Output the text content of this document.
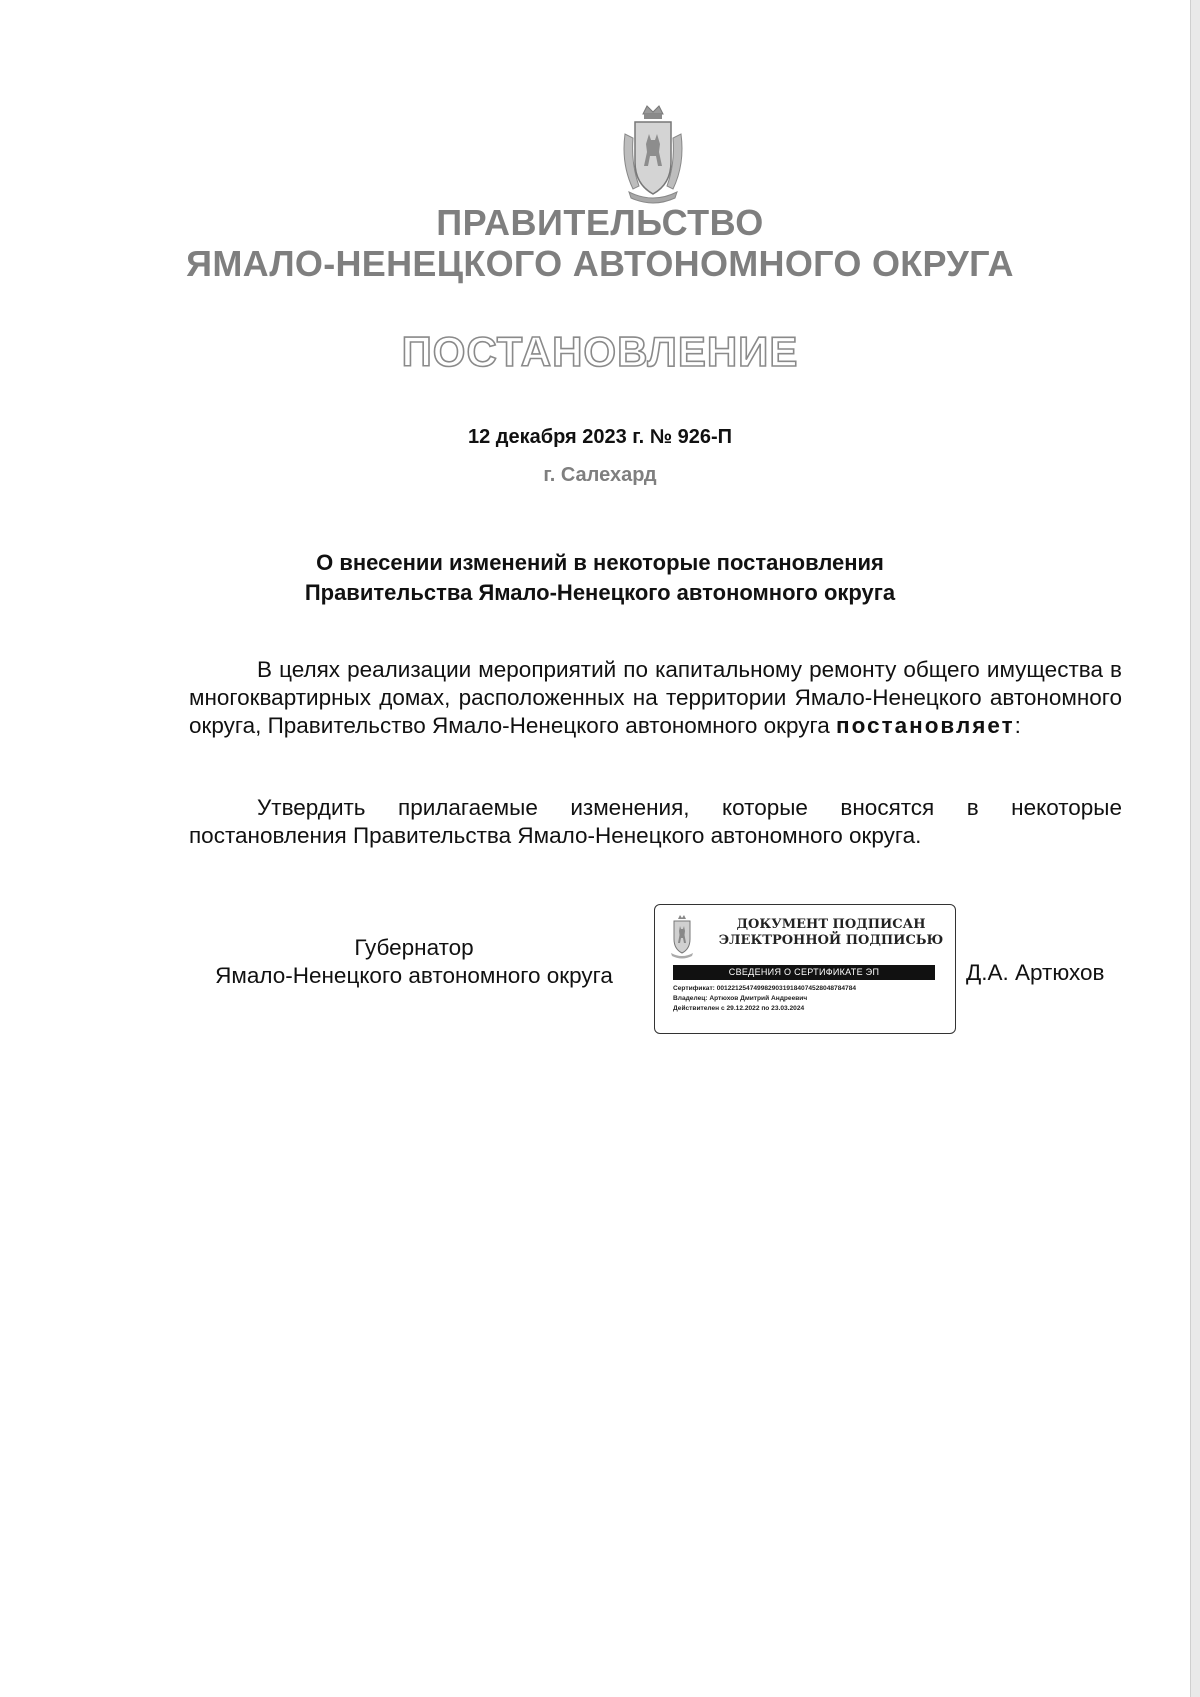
ПРАВИТЕЛЬСТВО
ЯМАЛО-НЕНЕЦКОГО АВТОНОМНОГО ОКРУГА
ПОСТАНОВЛЕНИЕ
12 декабря 2023 г. № 926-П
г. Салехард
О внесении изменений в некоторые постановления
Правительства Ямало-Ненецкого автономного округа

В целях реализации мероприятий по капитальному ремонту общего имущества в многоквартирных домах, расположенных на территории Ямало-Ненецкого автономного округа, Правительство Ямало-Ненецкого автономного округа постановляет:

Утвердить прилагаемые изменения, которые вносятся в некоторые постановления Правительства Ямало-Ненецкого автономного округа.

Губернатор
Ямало-Ненецкого автономного округа
ДОКУМЕНТ ПОДПИСАН
ЭЛЕКТРОННОЙ ПОДПИСЬЮ
СВЕДЕНИЯ О СЕРТИФИКАТЕ ЭП
Сертификат: 00122125474998290319184074528048784784
Владелец: Артюхов Дмитрий Андреевич
Действителен с 29.12.2022 по 23.03.2024
Д.А. Артюхов
